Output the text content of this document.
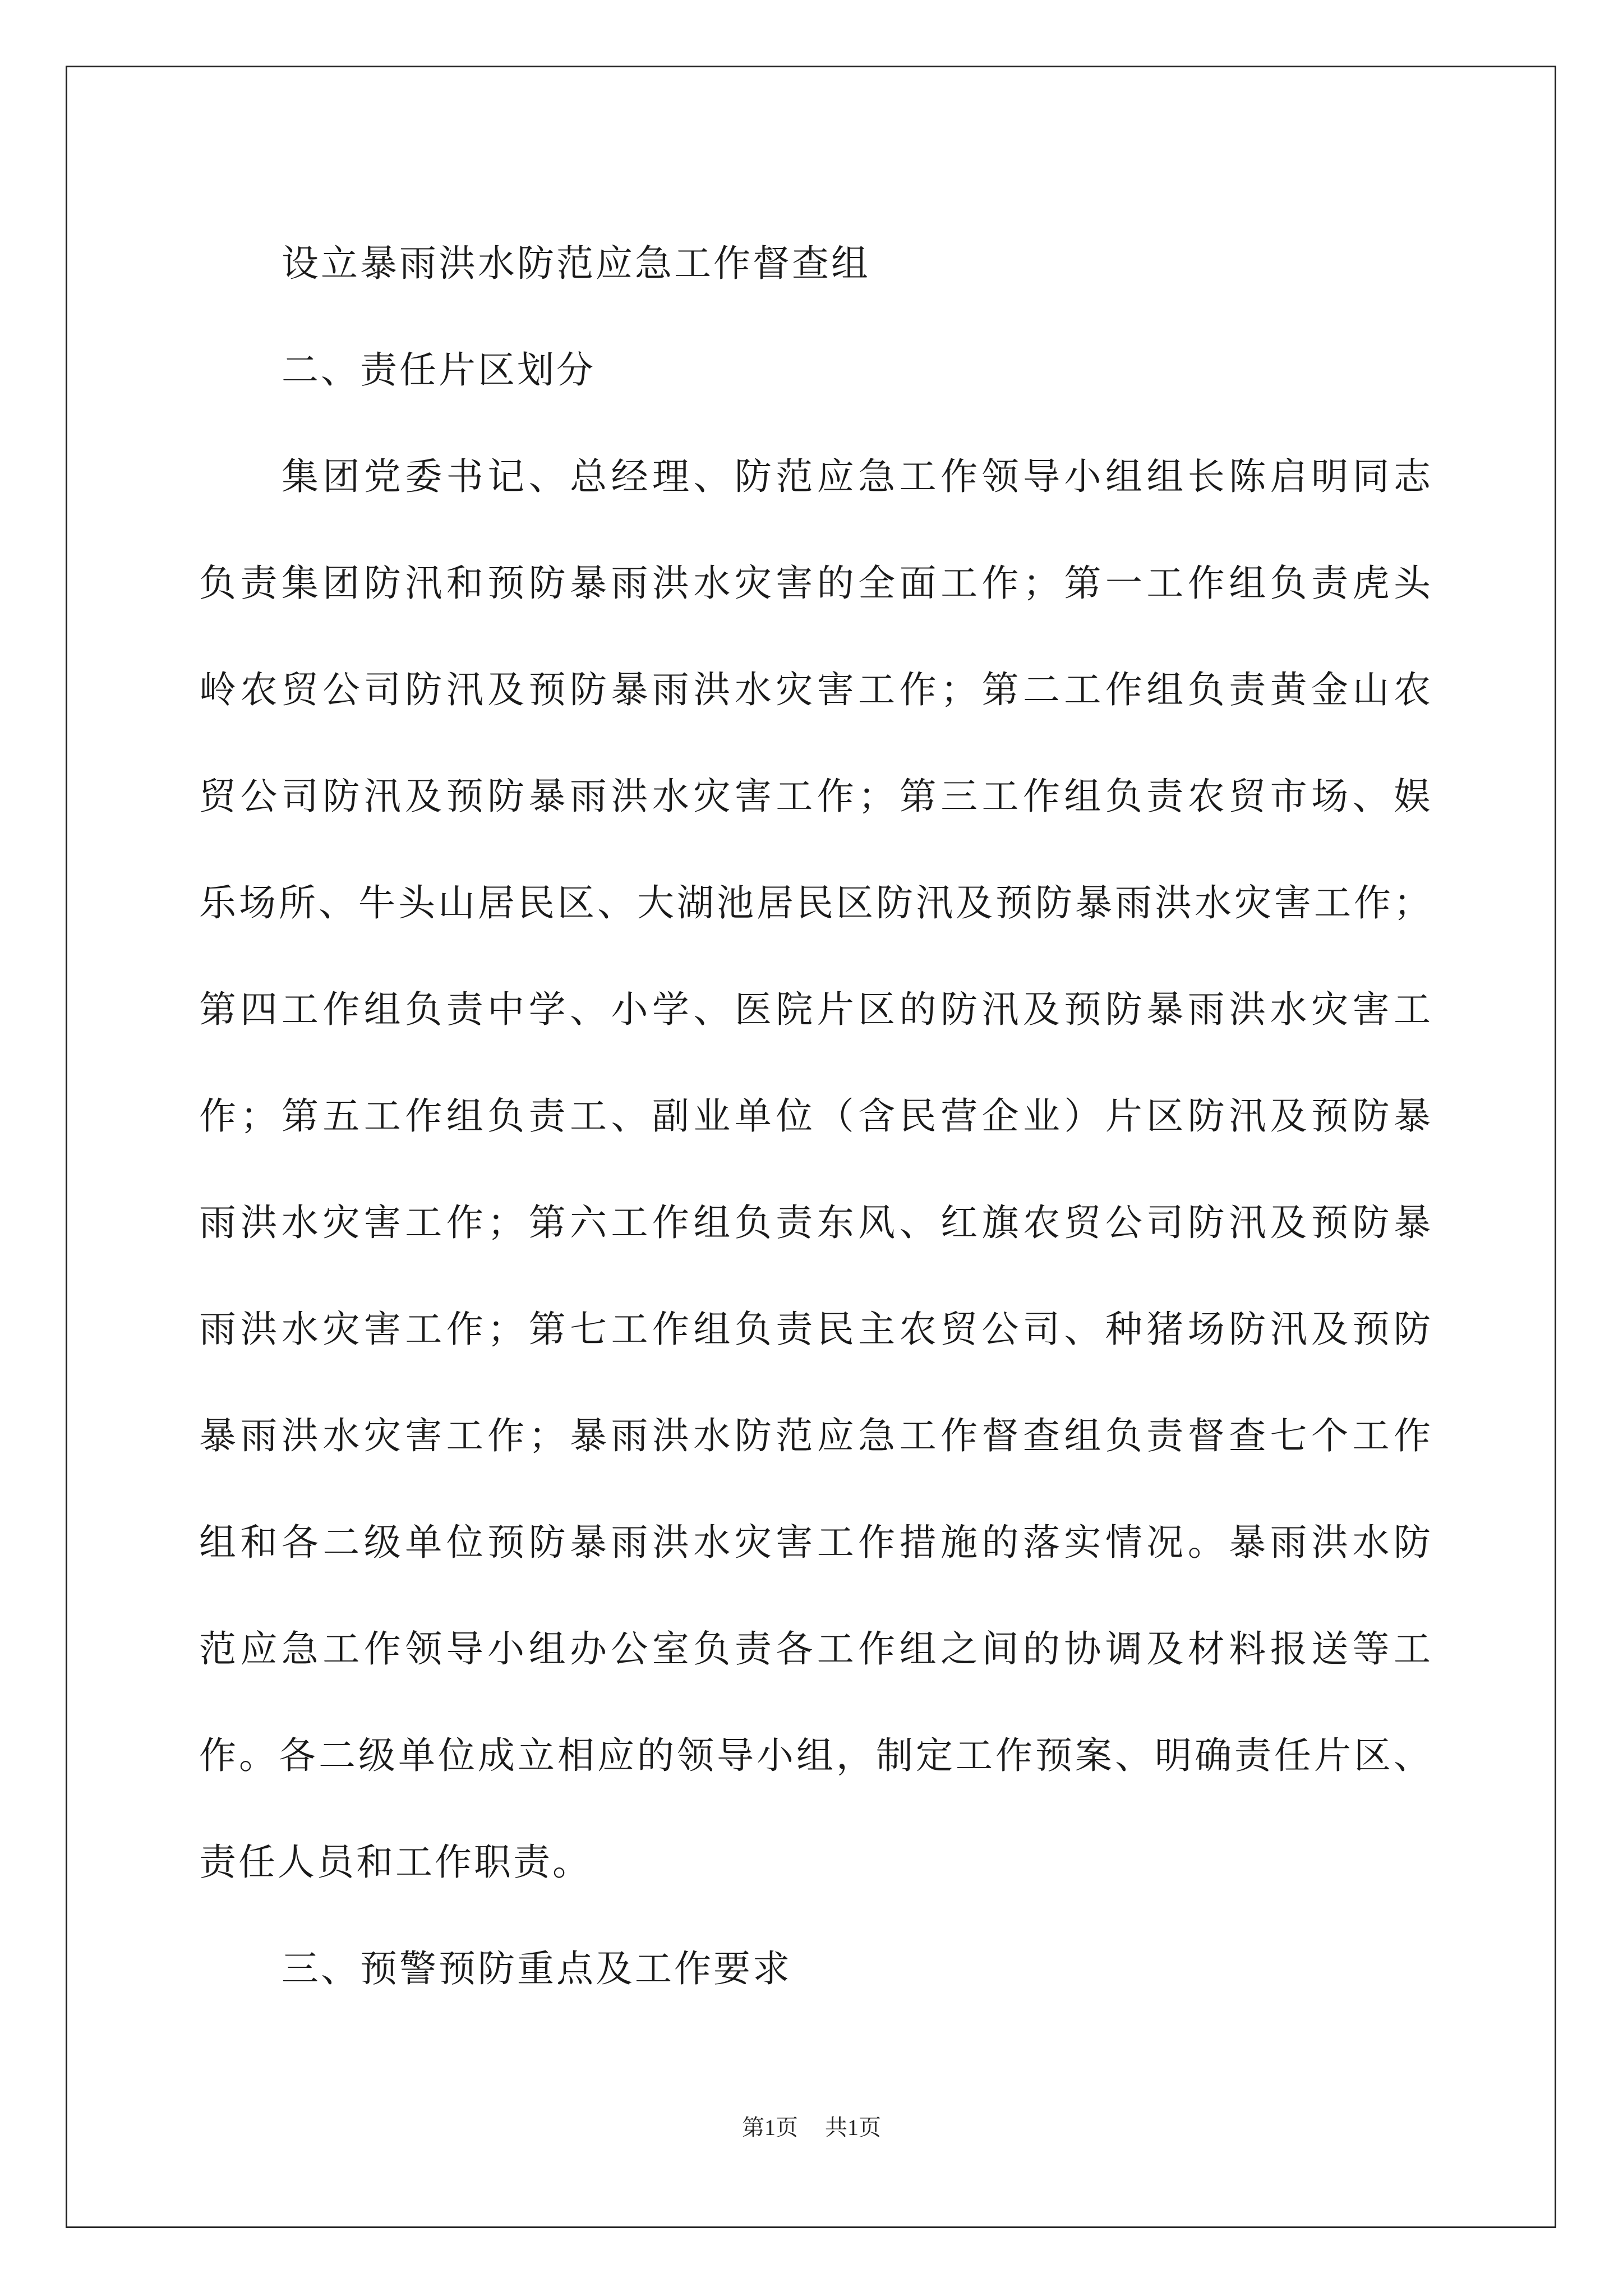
设立暴雨洪水防范应急工作督查组
二、责任片区划分
集团党委书记、总经理、防范应急工作领导小组组长陈启明同志
负责集团防汛和预防暴雨洪水灾害的全面工作；第一工作组负责虎头
岭农贸公司防汛及预防暴雨洪水灾害工作；第二工作组负责黄金山农
贸公司防汛及预防暴雨洪水灾害工作；第三工作组负责农贸市场、娱
乐场所、牛头山居民区、大湖池居民区防汛及预防暴雨洪水灾害工作；
第四工作组负责中学、小学、医院片区的防汛及预防暴雨洪水灾害工
作；第五工作组负责工、副业单位（含民营企业）片区防汛及预防暴
雨洪水灾害工作；第六工作组负责东风、红旗农贸公司防汛及预防暴
雨洪水灾害工作；第七工作组负责民主农贸公司、种猪场防汛及预防
暴雨洪水灾害工作；暴雨洪水防范应急工作督查组负责督查七个工作
组和各二级单位预防暴雨洪水灾害工作措施的落实情况。暴雨洪水防
范应急工作领导小组办公室负责各工作组之间的协调及材料报送等工
作。各二级单位成立相应的领导小组，制定工作预案、明确责任片区、
责任人员和工作职责。
三、预警预防重点及工作要求
第1页 共1页
